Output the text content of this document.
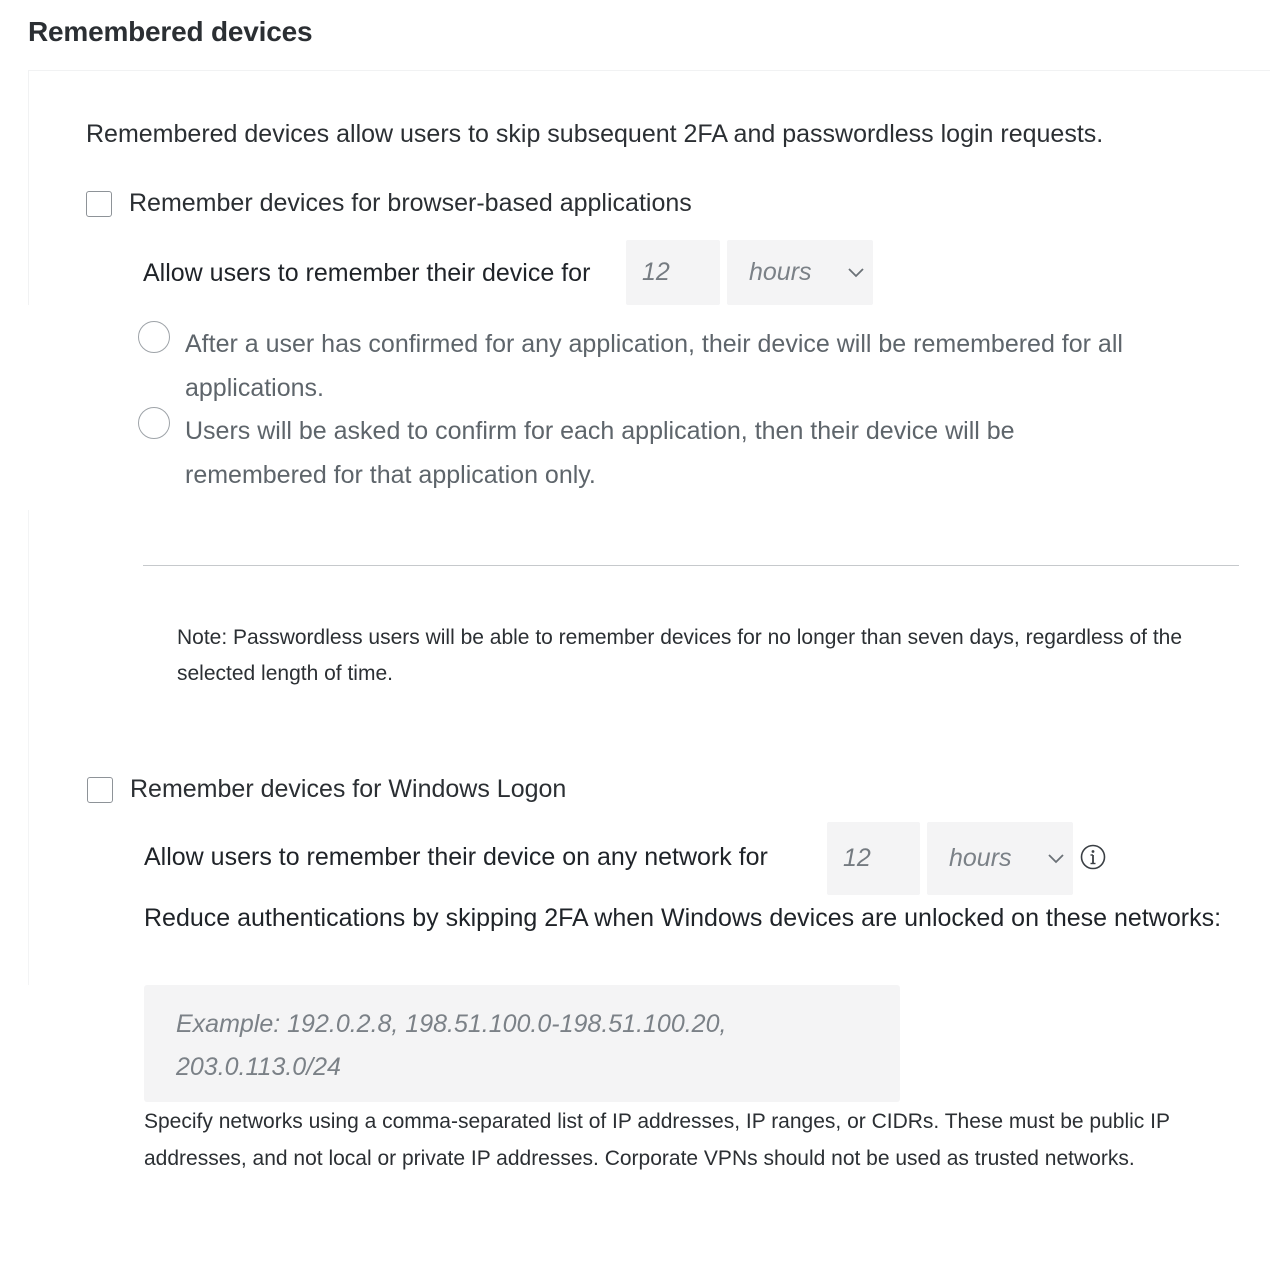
Remembered devices
Remembered devices allow users to skip subsequent 2FA and passwordless login requests.
Remember devices for browser-based applications
Allow users to remember their device for 12	hours
After a user has confirmed for any application, their device will be remembered for all applications.
Users will be asked to confirm for each application, then their device will be remembered for that application only.
Note: Passwordless users will be able to remember devices for no longer than seven days, regardless of the selected length of time.
Remember devices for Windows Logon
Allow users to remember their device on any network for	12	hours
Reduce authentications by skipping 2FA when Windows devices are unlocked on these networks:
Example: 192.0.2.8, 198.51.100.0-198.51.100.20, 203.0.113.0/24
Specify networks using a comma-separated list of IP addresses, IP ranges, or CIDRs. These must be public IP addresses, and not local or private IP addresses. Corporate VPNs should not be used as trusted networks.
